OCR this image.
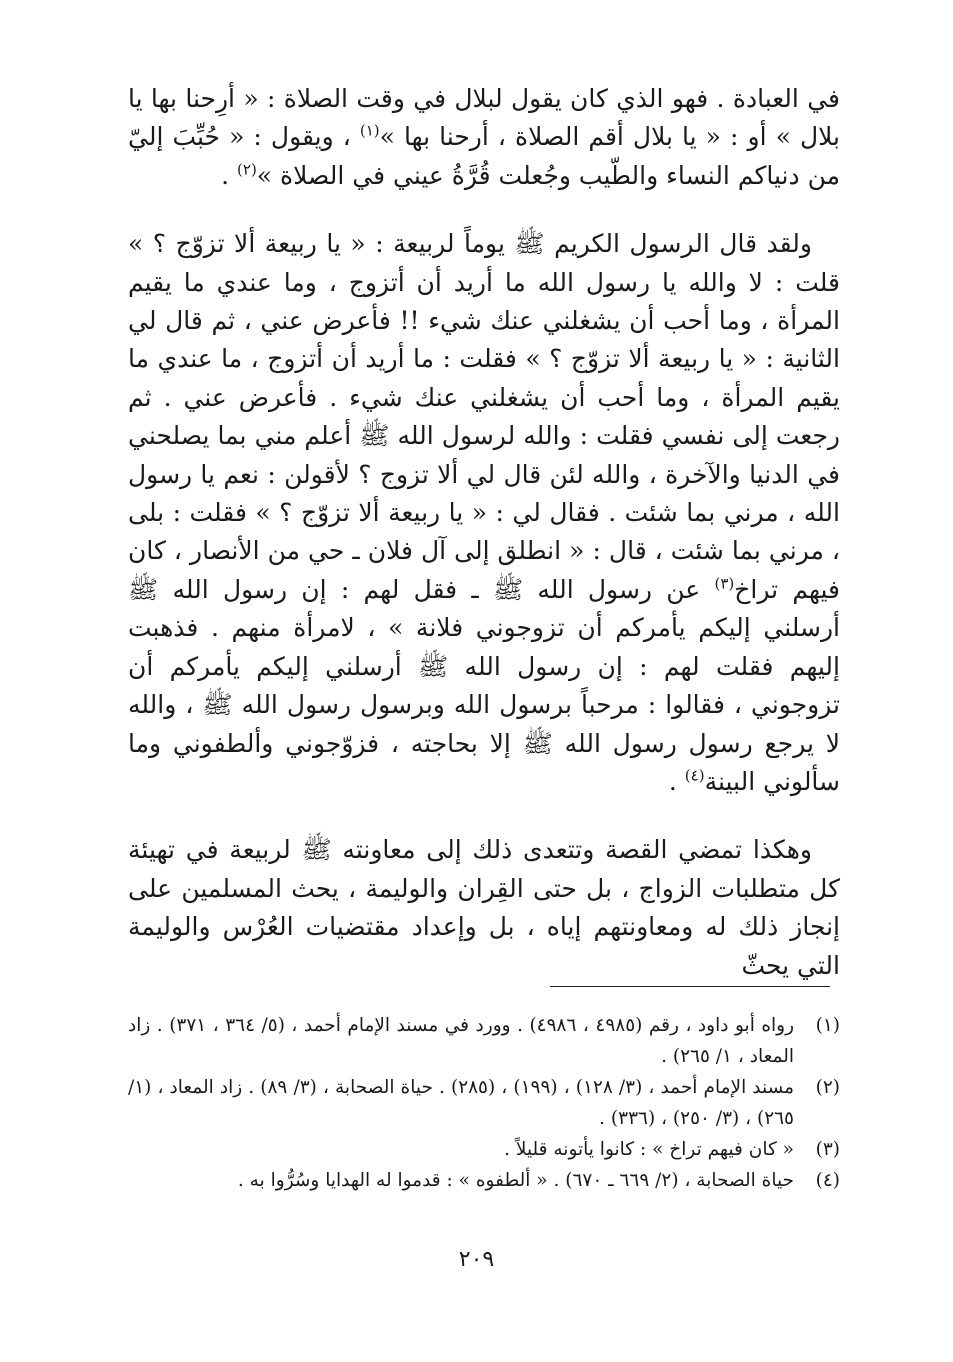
في العبادة . فهو الذي كان يقول لبلال في وقت الصلاة : « أرِحنا بها يا بلال » أو : « يا بلال أقم الصلاة ، أرحنا بها »$^{(١)}$ ، ويقول : « حُبِّبَ إليّ من دنياكم النساء والطّيب وجُعلت قُرَّةُ عيني في الصلاة »$^{(٢)}$ .

ولقد قال الرسول الكريم ﷺ يوماً لربيعة : « يا ربيعة ألا تزوّج ؟ » قلت : لا والله يا رسول الله ما أريد أن أتزوج ، وما عندي ما يقيم المرأة ، وما أحب أن يشغلني عنك شيء !! فأعرض عني ، ثم قال لي الثانية : « يا ربيعة ألا تزوّج ؟ » فقلت : ما أريد أن أتزوج ، ما عندي ما يقيم المرأة ، وما أحب أن يشغلني عنك شيء . فأعرض عني . ثم رجعت إلى نفسي فقلت : والله لرسول الله ﷺ أعلم مني بما يصلحني في الدنيا والآخرة ، والله لئن قال لي ألا تزوج ؟ لأقولن : نعم يا رسول الله ، مرني بما شئت . فقال لي : « يا ربيعة ألا تزوّج ؟ » فقلت : بلى ، مرني بما شئت ، قال : « انطلق إلى آل فلان ـ حي من الأنصار ، كان فيهم تراخ$^{(٣)}$ عن رسول الله ﷺ ـ فقل لهم : إن رسول الله ﷺ أرسلني إليكم يأمركم أن تزوجوني فلانة » ، لامرأة منهم . فذهبت إليهم فقلت لهم : إن رسول الله ﷺ أرسلني إليكم يأمركم أن تزوجوني ، فقالوا : مرحباً برسول الله وبرسول رسول الله ﷺ ، والله لا يرجع رسول رسول الله ﷺ إلا بحاجته ، فزوّجوني وألطفوني وما سألوني البينة$^{(٤)}$ .

وهكذا تمضي القصة وتتعدى ذلك إلى معاونته ﷺ لربيعة في تهيئة كل متطلبات الزواج ، بل حتى القِران والوليمة ، يحث المسلمين على إنجاز ذلك له ومعاونتهم إياه ، بل وإعداد مقتضيات العُرْس والوليمة التي يحثّ

(١)
رواه أبو داود ، رقم (٤٩٨٥ ، ٤٩٨٦) . وورد في مسند الإمام أحمد ، (٥/ ٣٦٤ ، ٣٧١) . زاد المعاد ، ١/ ٢٦٥) .
(٢)
مسند الإمام أحمد ، (٣/ ١٢٨) ، (١٩٩) ، (٢٨٥) . حياة الصحابة ، (٣/ ٨٩) . زاد المعاد ، (١/ ٢٦٥) ، (٣/ ٢٥٠) ، (٣٣٦) .
(٣)
« كان فيهم تراخ » : كانوا يأتونه قليلاً .
(٤)
حياة الصحابة ، (٢/ ٦٦٩ ـ ٦٧٠) . « ألطفوه » : قدموا له الهدايا وسُرُّوا به .
٢٠٩
